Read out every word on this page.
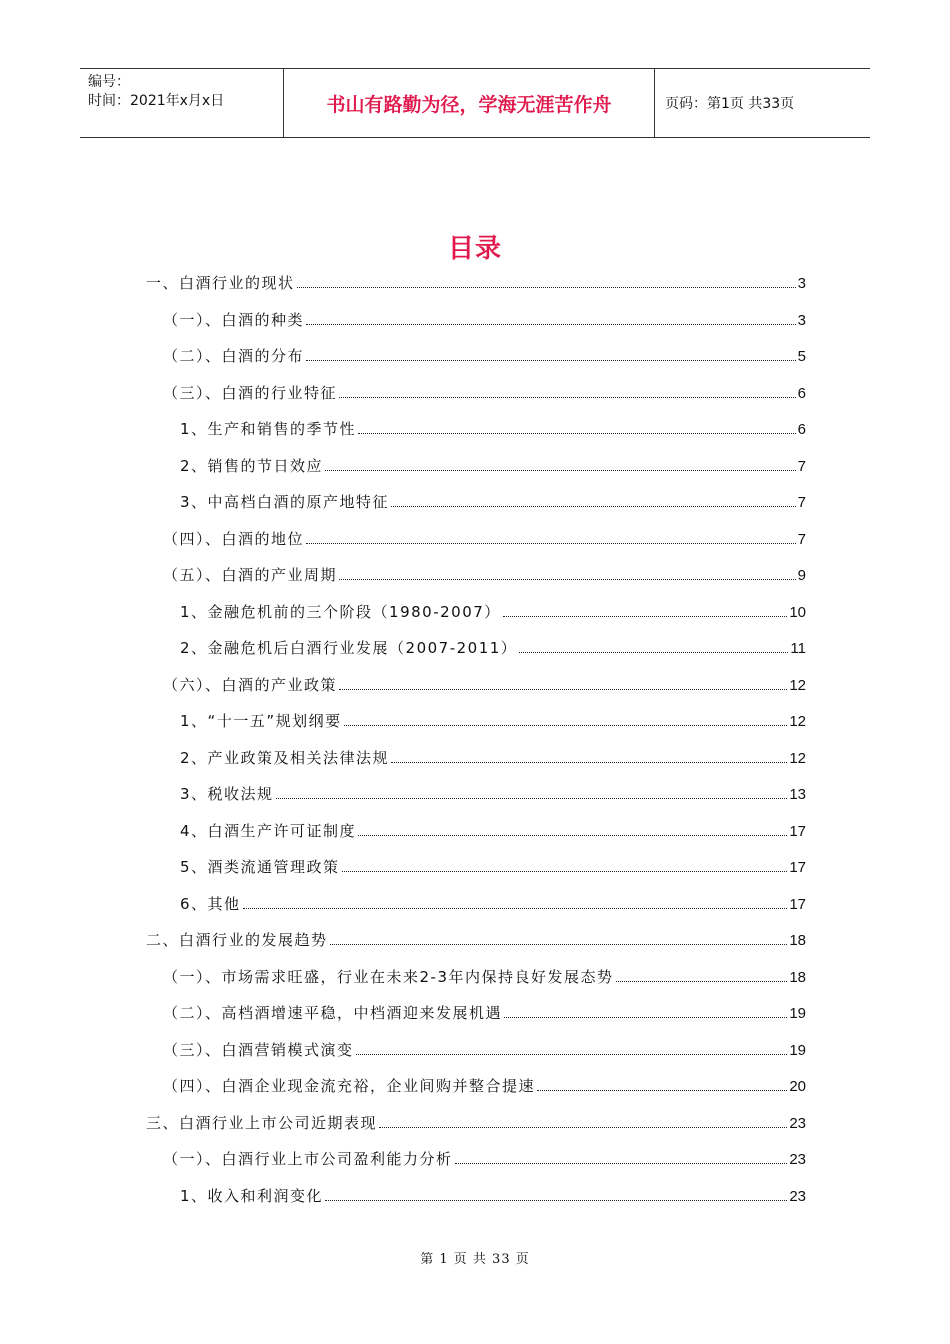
编号：
时间：2021年x月x日	书山有路勤为径，学海无涯苦作舟	页码：第1页 共33页
目录
一、白酒行业的现状	3
（一）、白酒的种类	3
（二）、白酒的分布	5
（三）、白酒的行业特征	6
1、生产和销售的季节性	6
2、销售的节日效应	7
3、中高档白酒的原产地特征	7
（四）、白酒的地位	7
（五）、白酒的产业周期	9
1、金融危机前的三个阶段（1980-2007）	10
2、金融危机后白酒行业发展（2007-2011）	11
（六）、白酒的产业政策	12
1、“十一五”规划纲要	12
2、产业政策及相关法律法规	12
3、税收法规	13
4、白酒生产许可证制度	17
5、酒类流通管理政策	17
6、其他	17
二、白酒行业的发展趋势	18
（一）、市场需求旺盛，行业在未来2-3年内保持良好发展态势	18
（二）、高档酒增速平稳，中档酒迎来发展机遇	19
（三）、白酒营销模式演变	19
（四）、白酒企业现金流充裕，企业间购并整合提速	20
三、白酒行业上市公司近期表现	23
（一）、白酒行业上市公司盈利能力分析	23
1、收入和利润变化	23
第 1 页 共 33 页
